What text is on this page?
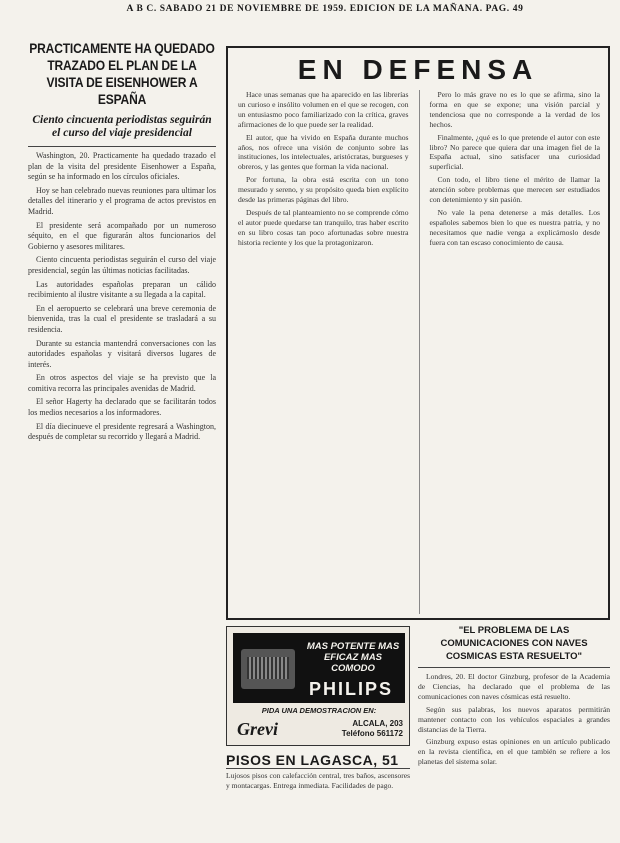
A B C. SABADO 21 DE NOVIEMBRE DE 1959. EDICION DE LA MAÑANA. PAG. 49
PRACTICAMENTE HA QUEDADO TRAZADO EL PLAN DE LA VISITA DE EISENHOWER A ESPAÑA
Ciento cincuenta periodistas seguirán el curso del viaje presidencial

Washington, 20. Practicamente ha quedado trazado el plan de la visita del presidente Eisenhower a España, según se ha informado en los círculos oficiales.

Hoy se han celebrado nuevas reuniones para ultimar los detalles del itinerario y el programa de actos previstos en Madrid.

El presidente será acompañado por un numeroso séquito, en el que figurarán altos funcionarios del Gobierno y asesores militares.

Ciento cincuenta periodistas seguirán el curso del viaje presidencial, según las últimas noticias facilitadas.

Las autoridades españolas preparan un cálido recibimiento al ilustre visitante a su llegada a la capital.

En el aeropuerto se celebrará una breve ceremonia de bienvenida, tras la cual el presidente se trasladará a su residencia.

Durante su estancia mantendrá conversaciones con las autoridades españolas y visitará diversos lugares de interés.

En otros aspectos del viaje se ha previsto que la comitiva recorra las principales avenidas de Madrid.

El señor Hagerty ha declarado que se facilitarán todos los medios necesarios a los informadores.

El día diecinueve el presidente regresará a Washington, después de completar su recorrido y llegará a Madrid.

EN DEFENSA

Hace unas semanas que ha aparecido en las librerías un curioso e insólito volumen en el que se recogen, con un entusiasmo poco familiarizado con la crítica, graves afirmaciones de lo que puede ser la realidad.

El autor, que ha vivido en España durante muchos años, nos ofrece una visión de conjunto sobre las instituciones, los intelectuales, aristócratas, burgueses y obreros, y las gentes que forman la vida nacional.

Por fortuna, la obra está escrita con un tono mesurado y sereno, y su propósito queda bien explícito desde las primeras páginas del libro.

Después de tal planteamiento no se comprende cómo el autor puede quedarse tan tranquilo, tras haber escrito en su libro cosas tan poco afortunadas sobre nuestra historia reciente y los que la protagonizaron.

Pero lo más grave no es lo que se afirma, sino la forma en que se expone; una visión parcial y tendenciosa que no corresponde a la verdad de los hechos.

Finalmente, ¿qué es lo que pretende el autor con este libro? No parece que quiera dar una imagen fiel de la España actual, sino satisfacer una curiosidad superficial.

Con todo, el libro tiene el mérito de llamar la atención sobre problemas que merecen ser estudiados con detenimiento y sin pasión.

No vale la pena detenerse a más detalles. Los españoles sabemos bien lo que es nuestra patria, y no necesitamos que nadie venga a explicárnoslo desde fuera con tan escaso conocimiento de causa.

MAS POTENTE MAS EFICAZ MAS COMODO
PHILIPS
PIDA UNA DEMOSTRACION EN:
Grevi	ALCALA, 203
Teléfono 561172
PISOS EN LAGASCA, 51
Lujosos pisos con calefacción central, tres baños, ascensores y montacargas. Entrega inmediata. Facilidades de pago.
"EL PROBLEMA DE LAS COMUNICACIONES CON NAVES COSMICAS ESTA RESUELTO"

Londres, 20. El doctor Ginzburg, profesor de la Academia de Ciencias, ha declarado que el problema de las comunicaciones con naves cósmicas está resuelto.

Según sus palabras, los nuevos aparatos permitirán mantener contacto con los vehículos espaciales a grandes distancias de la Tierra.

Ginzburg expuso estas opiniones en un artículo publicado en la revista científica, en el que también se refiere a los planetas del sistema solar.
